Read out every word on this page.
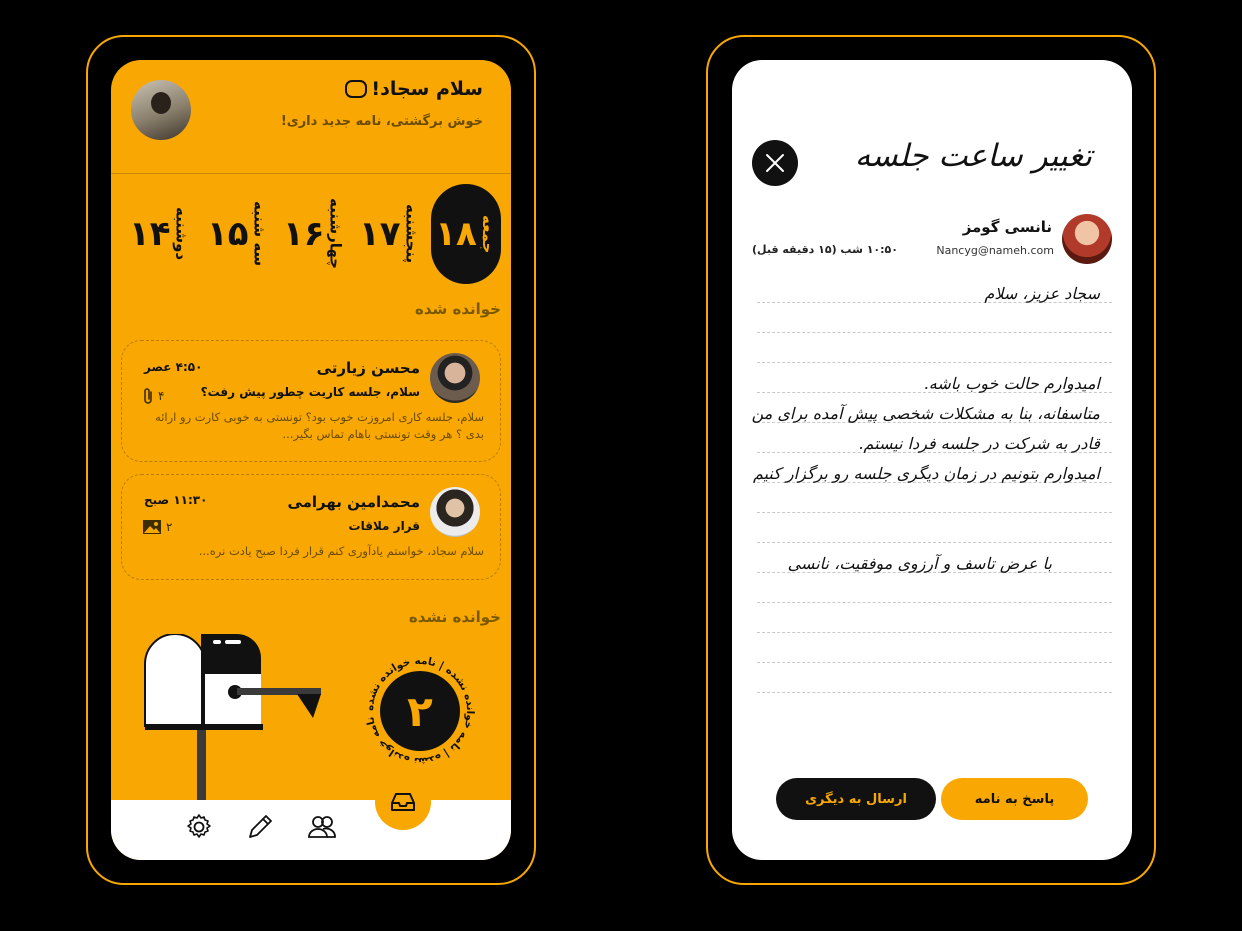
سلام سجاد!
خوش برگشتی، نامه جدید داری!
۱۸ جمعه
۱۷ پنجشنبه
۱۶ چهارشنبه
۱۵ سه شنبه
۱۴ دوشنبه
خوانده شده
محسن زیارتی
سلام، جلسه کاریت چطور پیش رفت؟
۴:۵۰ عصر
۴
سلام، جلسه کاری امروزت خوب بود؟ تونستی به خوبی کارت رو ارائه بدی ؟ هر وقت تونستی باهام تماس بگیر...
محمدامین بهرامی
قرار ملاقات
۱۱:۳۰ صبح
۲
سلام سجاد، خواستم یادآوری کنم قرار فردا صبح یادت نره...
خوانده نشده
نامه خوانده نشده | نامه خوانده نشده | نامه خوانده نشده ۲
تغییر ساعت جلسه
نانسی گومز
Nancyg@nameh.com
۱۰:۵۰ شب (۱۵ دقیقه قبل)
سجاد عزیز، سلام
امیدوارم حالت خوب باشه.
متاسفانه، بنا به مشکلات شخصی پیش آمده برای من
قادر به شرکت در جلسه فردا نیستم.
امیدوارم بتونیم در زمان دیگری جلسه رو برگزار کنیم
با عرض تاسف و آرزوی موفقیت، نانسی
ارسال به دیگری	پاسخ به نامه
